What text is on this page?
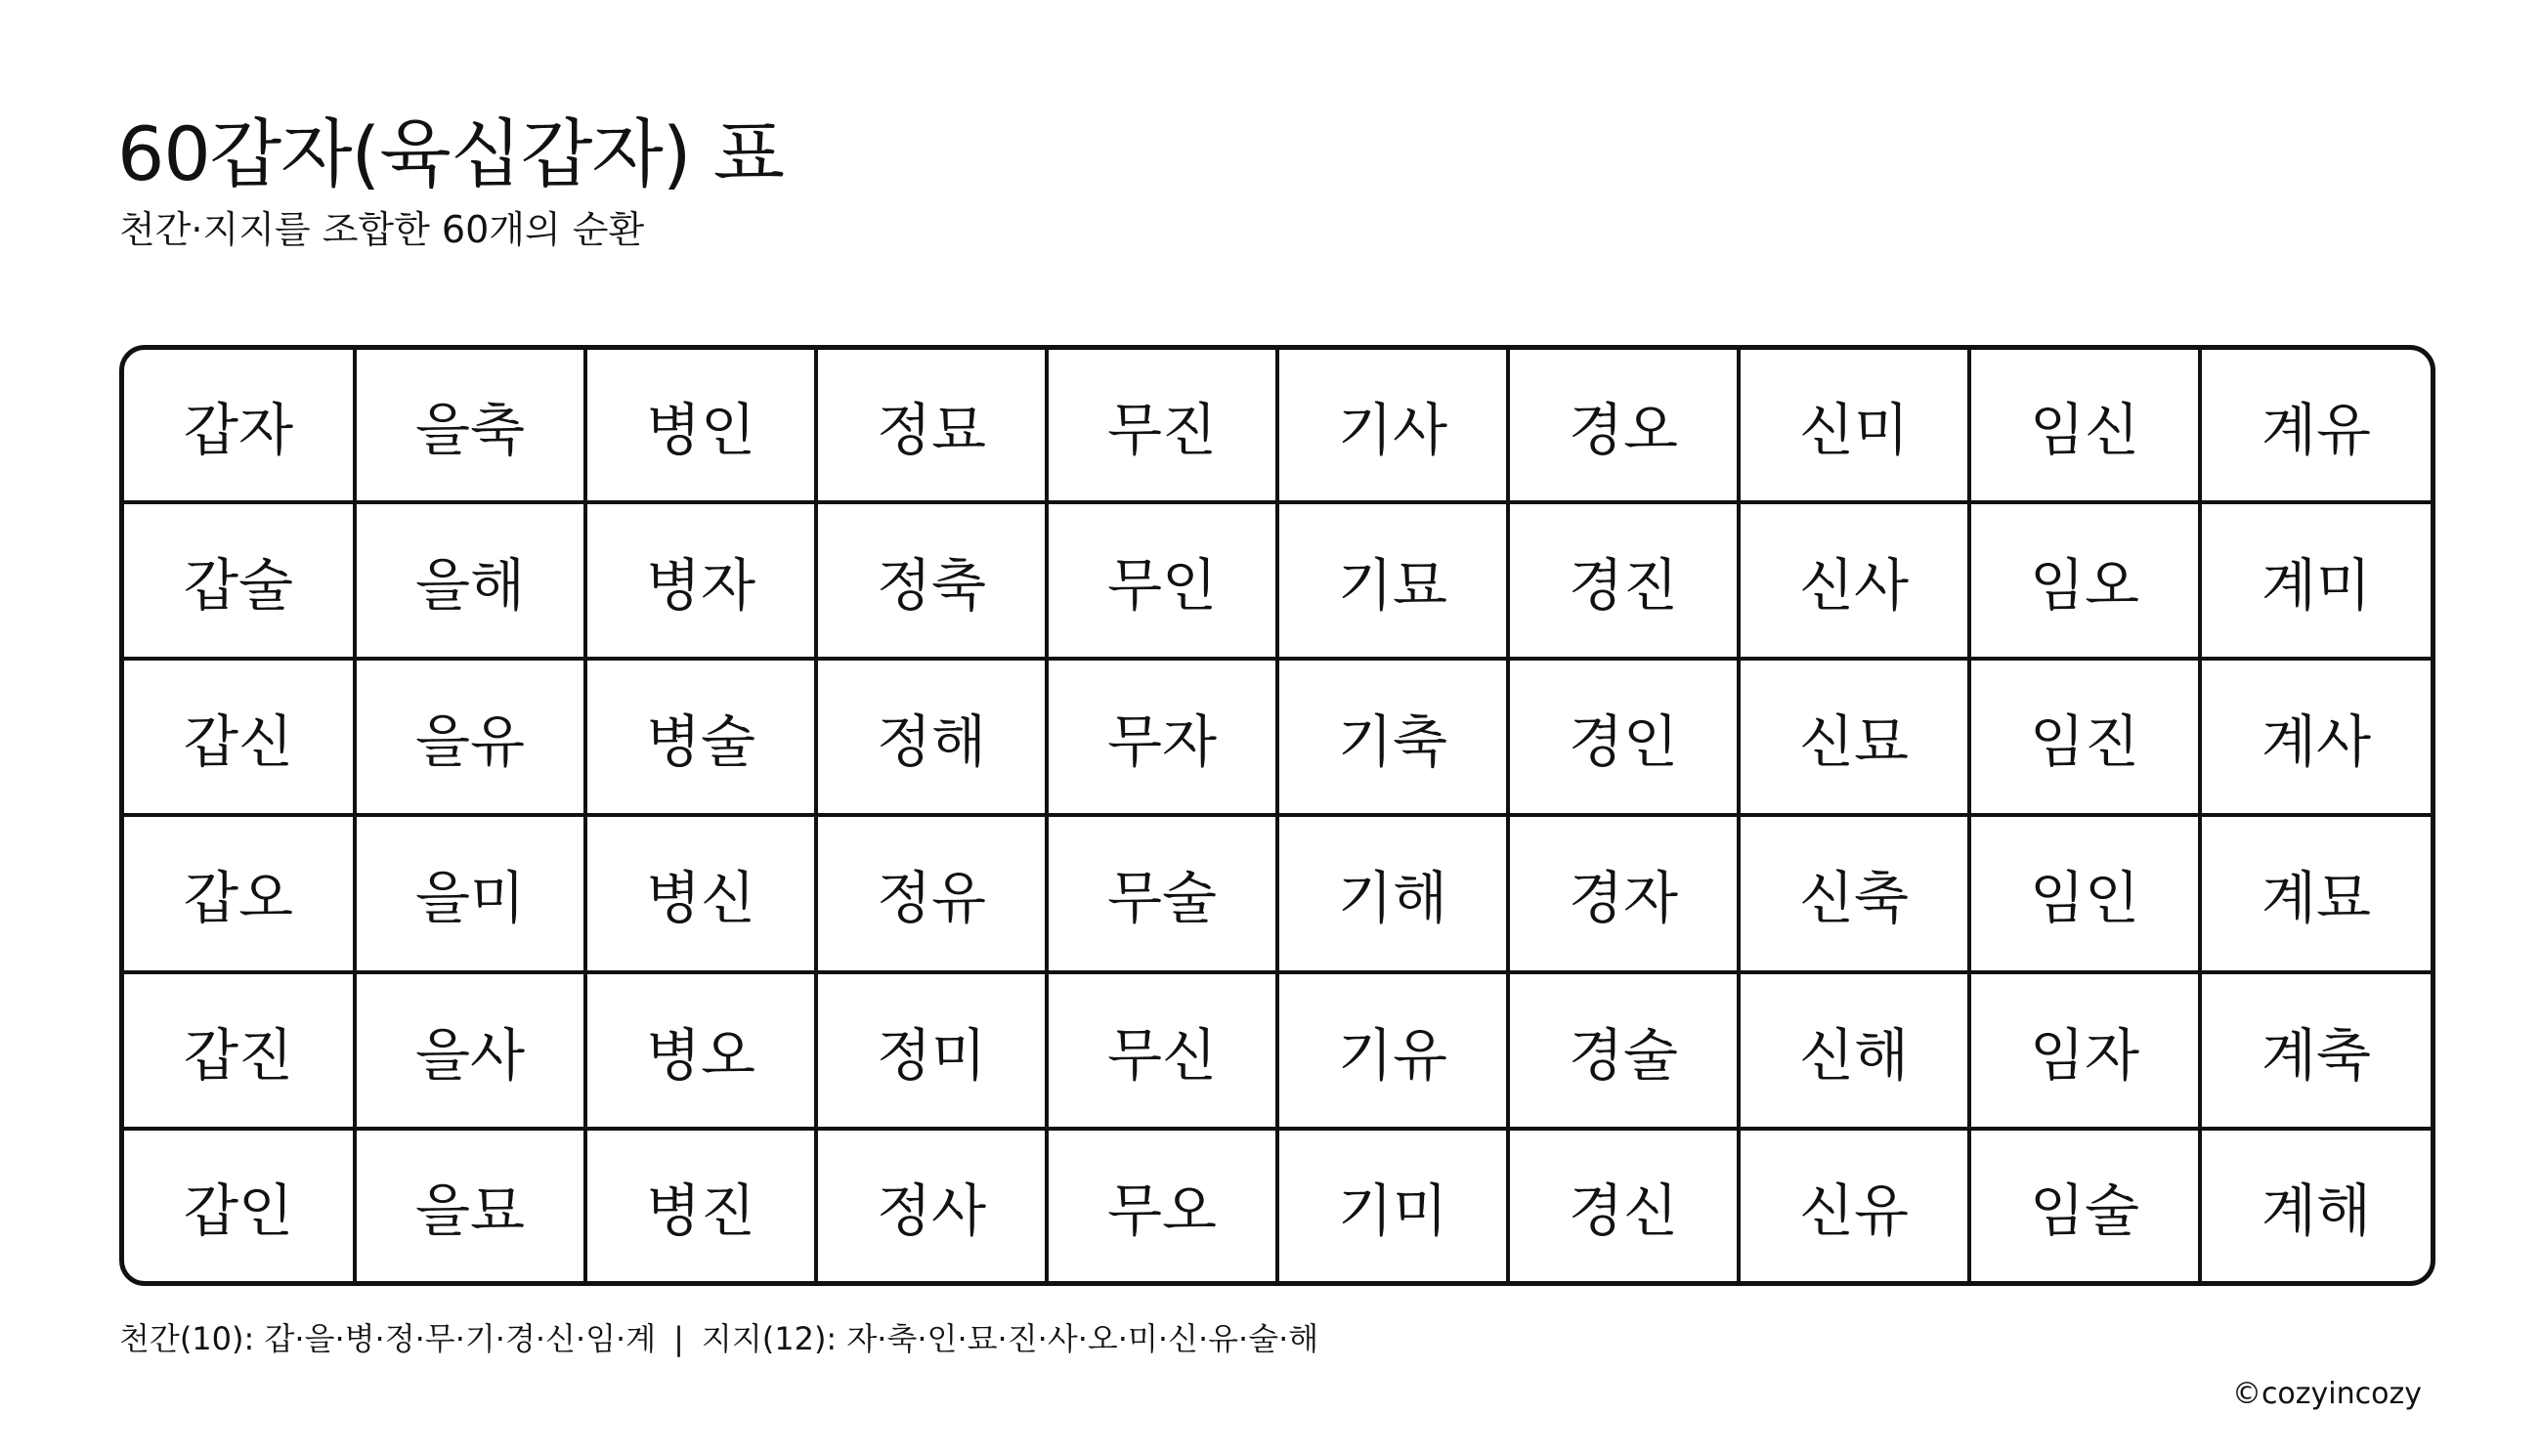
60갑자(육십갑자) 표

천간·지지를 조합한 60개의 순환

갑자	을축	병인	정묘	무진	기사	경오	신미	임신	계유
갑술	을해	병자	정축	무인	기묘	경진	신사	임오	계미
갑신	을유	병술	정해	무자	기축	경인	신묘	임진	계사
갑오	을미	병신	정유	무술	기해	경자	신축	임인	계묘
갑진	을사	병오	정미	무신	기유	경술	신해	임자	계축
갑인	을묘	병진	정사	무오	기미	경신	신유	임술	계해
천간(10): 갑·을·병·정·무·기·경·신·임·계 | 지지(12): 자·축·인·묘·진·사·오·미·신·유·술·해
©cozyincozy
